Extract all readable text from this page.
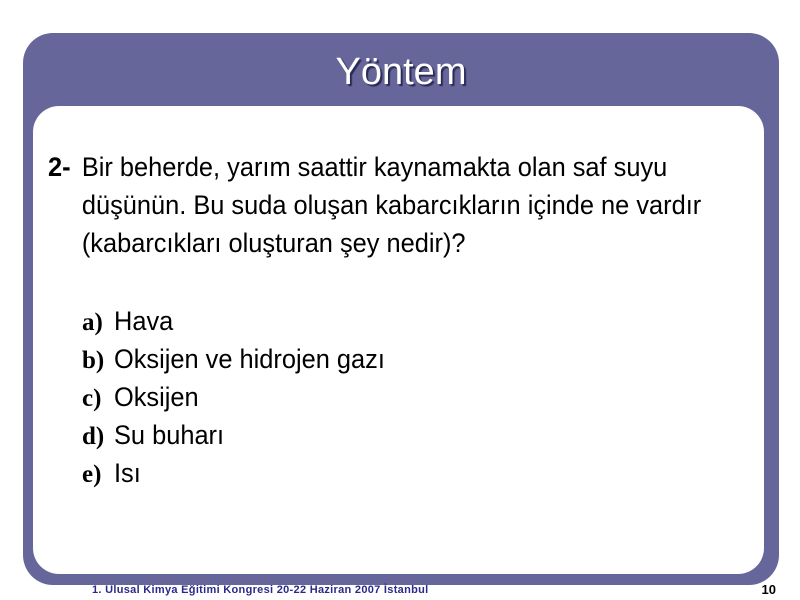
Yöntem
2- Bir beherde, yarım saattir kaynamakta olan saf suyu
düşünün. Bu suda oluşan kabarcıkların içinde ne vardır
(kabarcıkları oluşturan şey nedir)?
a) Hava
b) Oksijen ve hidrojen gazı
c) Oksijen
d) Su buharı
e) Isı
1. Ulusal Kimya Eğitimi Kongresi 20-22 Haziran 2007 İstanbul	10
